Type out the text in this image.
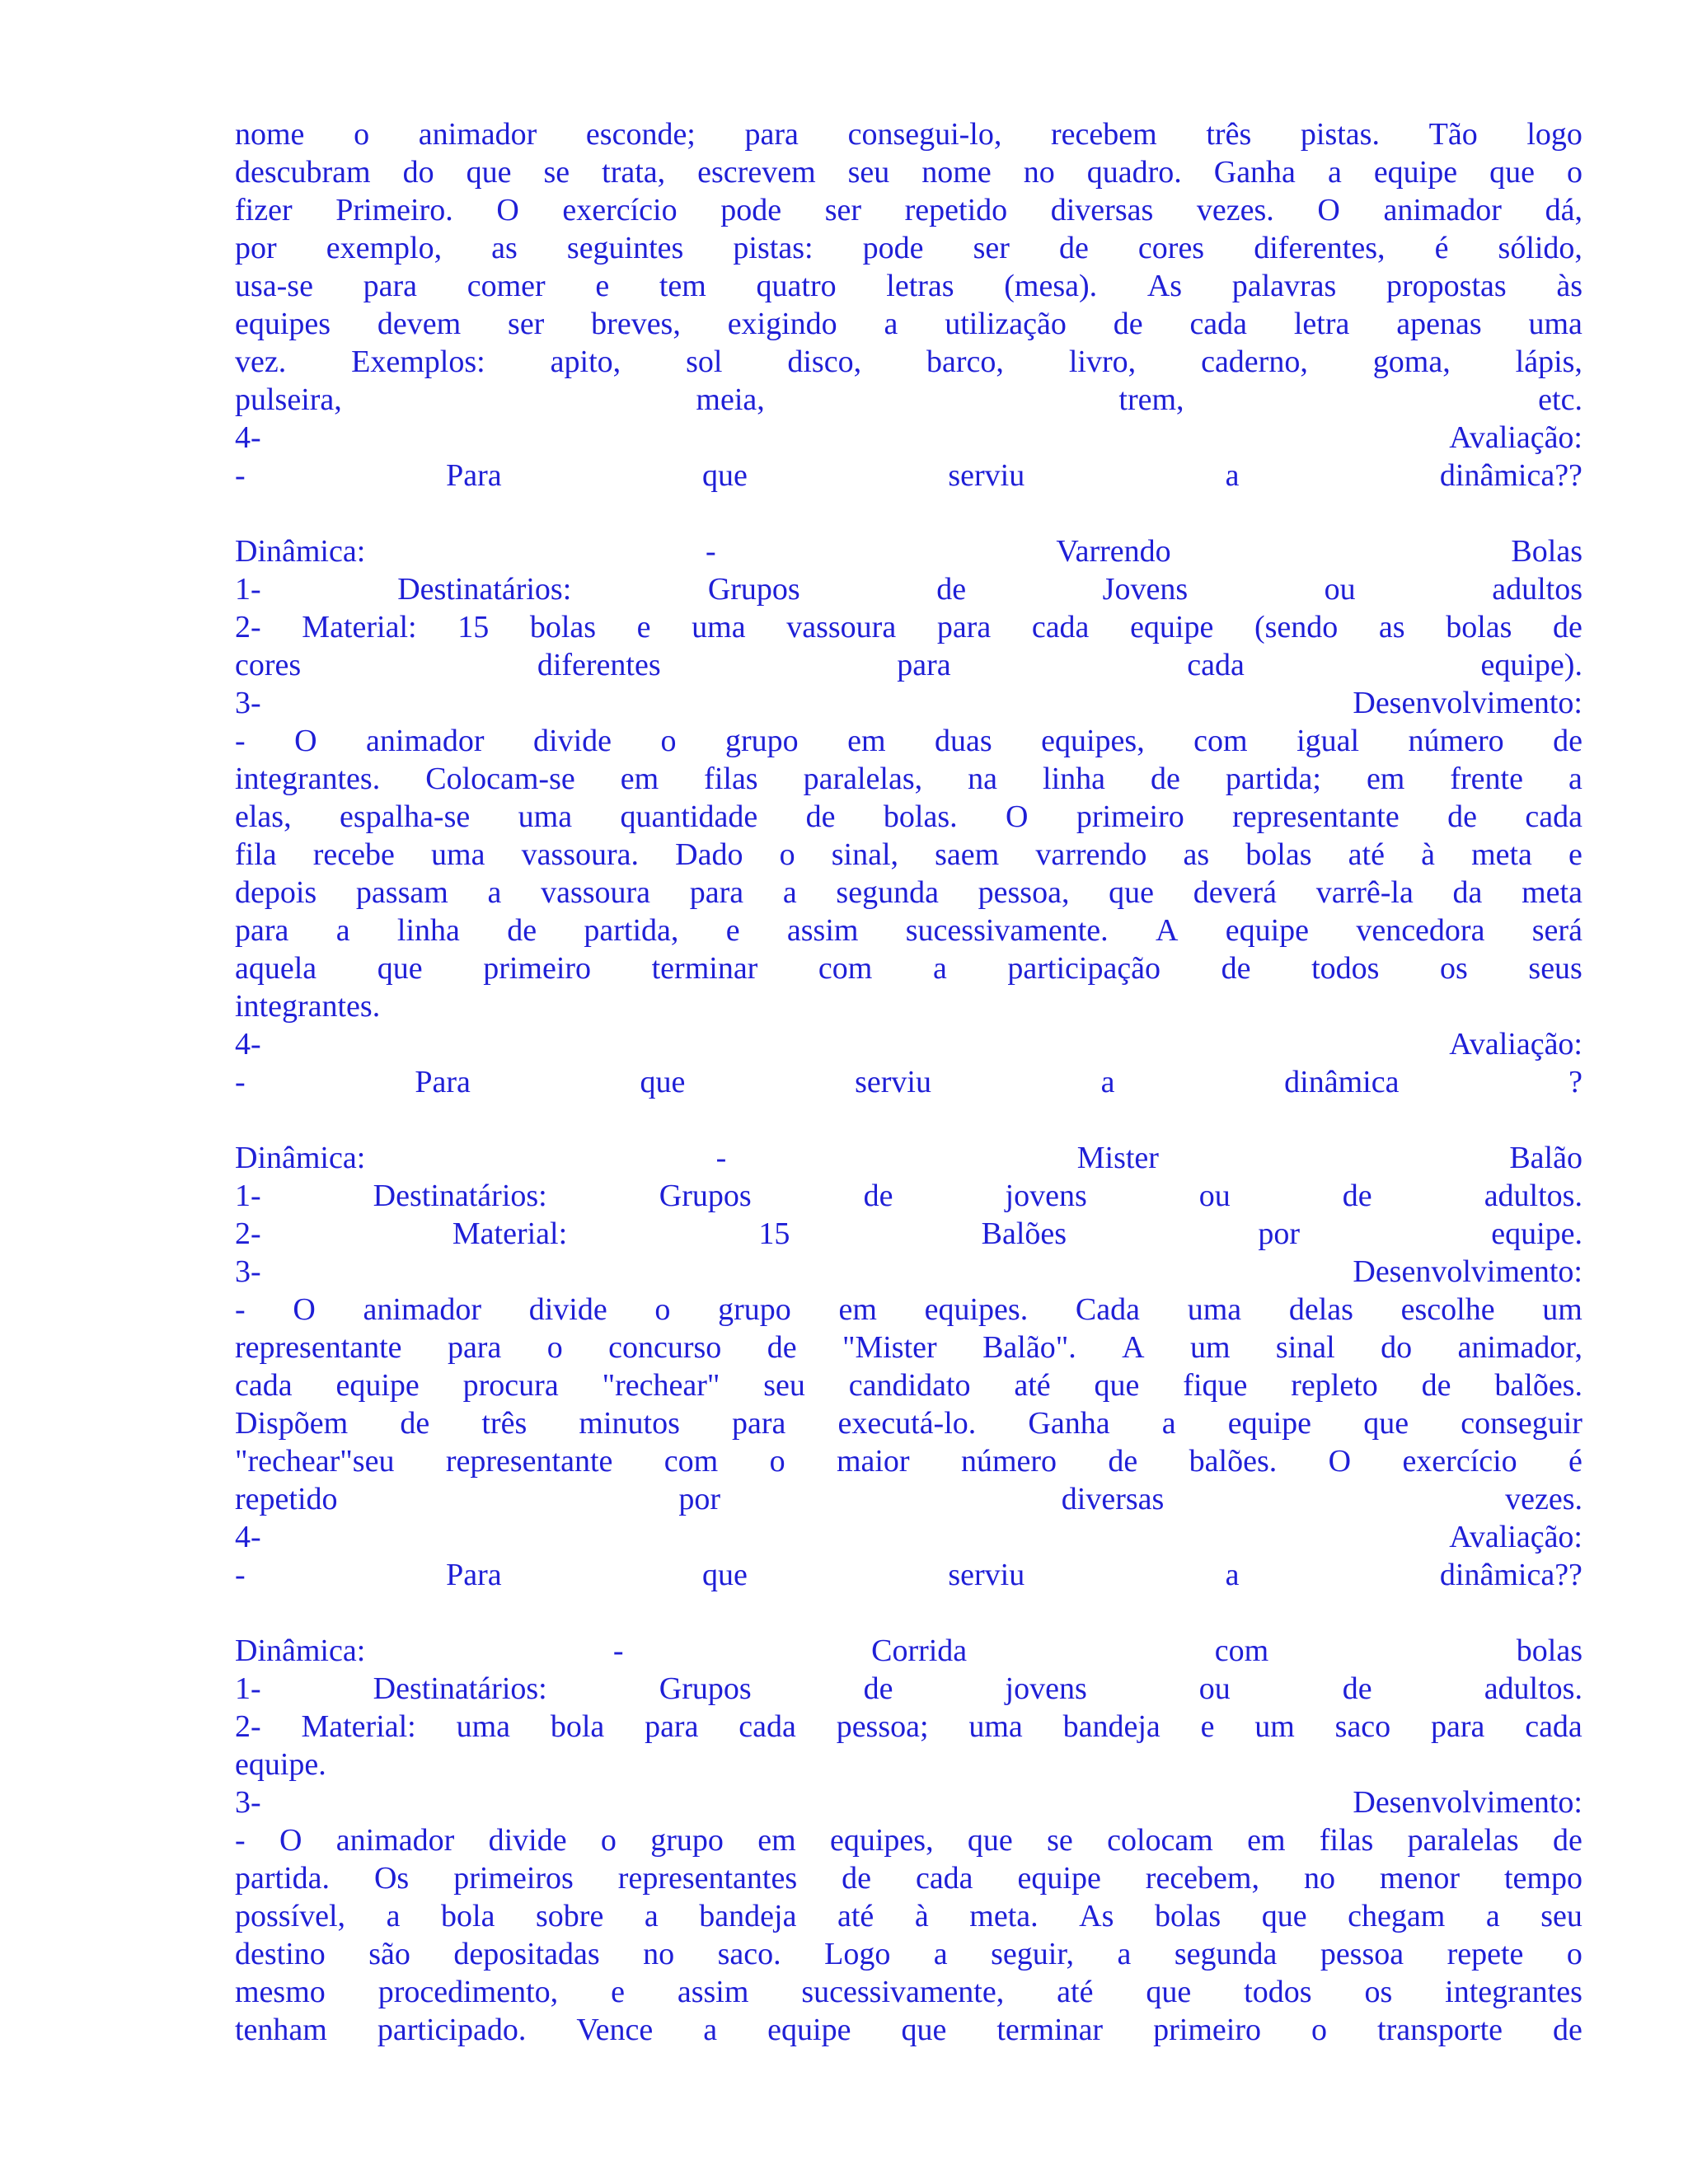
nome o animador esconde; para consegui-lo, recebem três pistas. Tão logo
descubram do que se trata, escrevem seu nome no quadro. Ganha a equipe que o
fizer Primeiro. O exercício pode ser repetido diversas vezes. O animador dá,
por exemplo, as seguintes pistas: pode ser de cores diferentes, é sólido,
usa-se para comer e tem quatro letras (mesa). As palavras propostas às
equipes devem ser breves, exigindo a utilização de cada letra apenas uma
vez. Exemplos: apito, sol disco, barco, livro, caderno, goma, lápis,
pulseira,	meia,	trem,	etc.
4-	Avaliação:
-	Para	que	serviu	a	dinâmica??
Dinâmica:	-	Varrendo	Bolas
1-	Destinatários:	Grupos	de	Jovens	ou	adultos
2- Material: 15 bolas e uma vassoura para cada equipe (sendo as bolas de
cores	diferentes	para	cada	equipe).
3-	Desenvolvimento:
- O animador divide o grupo em duas equipes, com igual número de
integrantes. Colocam-se em filas paralelas, na linha de partida; em frente a
elas, espalha-se uma quantidade de bolas. O primeiro representante de cada
fila recebe uma vassoura. Dado o sinal, saem varrendo as bolas até à meta e
depois passam a vassoura para a segunda pessoa, que deverá varrê-la da meta
para a linha de partida, e assim sucessivamente. A equipe vencedora será
aquela que primeiro terminar com a participação de todos os seus
integrantes.
4-	Avaliação:
-	Para	que	serviu	a	dinâmica	?
Dinâmica:	-	Mister	Balão
1-	Destinatários:	Grupos	de	jovens	ou	de	adultos.
2-	Material:	15	Balões	por	equipe.
3-	Desenvolvimento:
- O animador divide o grupo em equipes. Cada uma delas escolhe um
representante para o concurso de "Mister Balão". A um sinal do animador,
cada equipe procura "rechear" seu candidato até que fique repleto de balões.
Dispõem de três minutos para executá-lo. Ganha a equipe que conseguir
"rechear"seu representante com o maior número de balões. O exercício é
repetido	por	diversas	vezes.
4-	Avaliação:
-	Para	que	serviu	a	dinâmica??
Dinâmica:	-	Corrida	com	bolas
1-	Destinatários:	Grupos	de	jovens	ou	de	adultos.
2- Material: uma bola para cada pessoa; uma bandeja e um saco para cada
equipe.
3-	Desenvolvimento:
- O animador divide o grupo em equipes, que se colocam em filas paralelas de
partida. Os primeiros representantes de cada equipe recebem, no menor tempo
possível, a bola sobre a bandeja até à meta. As bolas que chegam a seu
destino são depositadas no saco. Logo a seguir, a segunda pessoa repete o
mesmo procedimento, e assim sucessivamente, até que todos os integrantes
tenham participado. Vence a equipe que terminar primeiro o transporte de
